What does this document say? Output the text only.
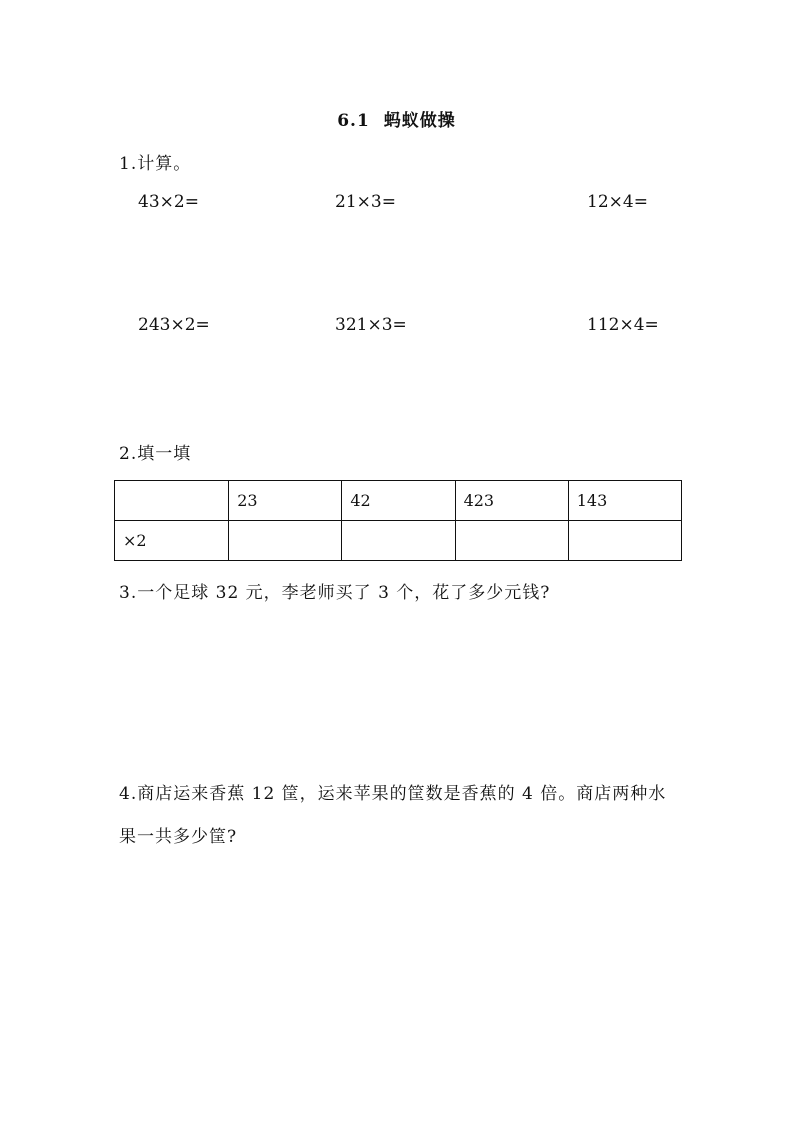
6.1 蚂蚁做操
1.计算。
43×2=	21×3=	12×4=
243×2=	321×3=	112×4=
2.填一填
	23	42	423	143
×2				
3.一个足球 32 元，李老师买了 3 个，花了多少元钱?
4.商店运来香蕉 12 筐，运来苹果的筐数是香蕉的 4 倍。商店两种水
果一共多少筐?
